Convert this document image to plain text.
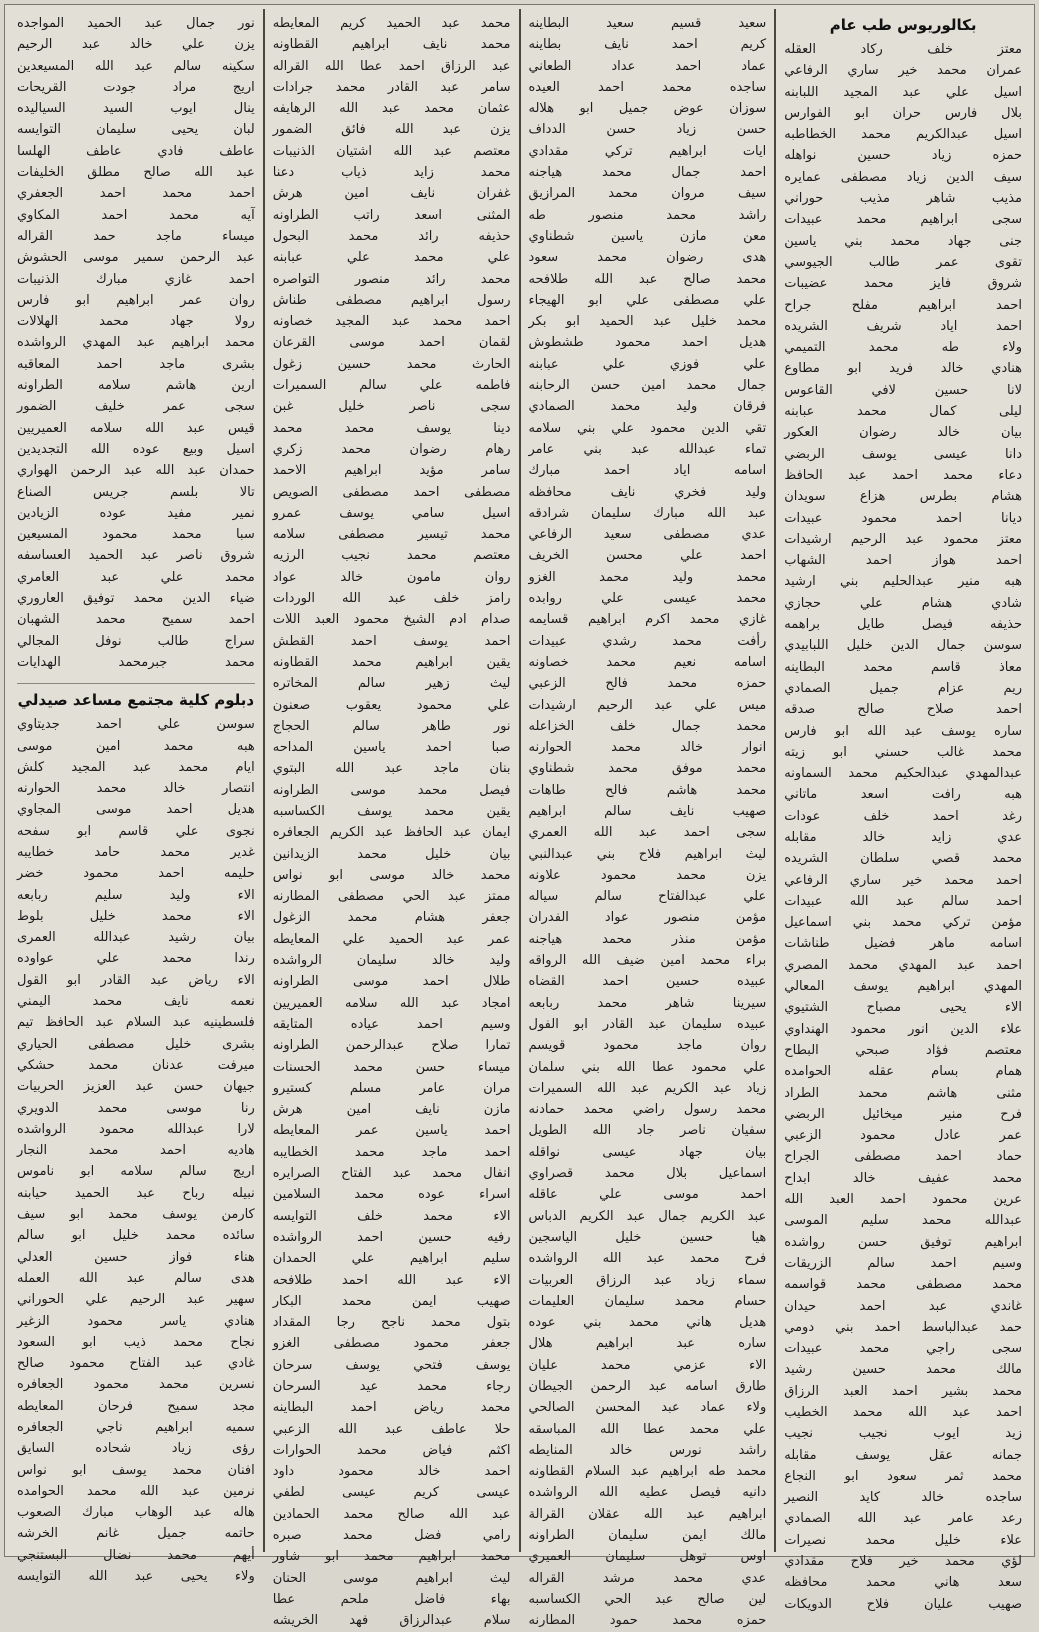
بكالوريوس طب عام
معتز خلف ركاد العقله
عمران محمد خير ساري الرفاعي
اسيل علي عبد المجيد اللبابنه
بلال فارس حران ابو الفوارس
اسيل عبدالكريم محمد الخطاطبه
حمزه زياد حسين نواهله
سيف الدين زياد مصطفى عمايره
مذيب شاهر مذيب حوراني
سجى ابراهيم محمد عبيدات
جنى جهاد محمد بني ياسين
تقوى عمر طالب الجيوسي
شروق فايز محمد عضيبات
احمد ابراهيم مفلح جراح
احمد اياد شريف الشريده
ولاء طه محمد التميمي
هنادي خالد فريد ابو مطاوع
لانا حسين لافي القاعوس
ليلى كمال محمد عبابنه
بيان خالد رضوان العكور
دانا عيسى يوسف الربضي
دعاء محمد احمد عبد الحافظ
هشام بطرس هزاع سويدان
ديانا احمد محمود عبيدات
معتز محمود عبد الرحيم ارشيدات
احمد هواز احمد الشهاب
هبه منير عبدالحليم بني ارشيد
شادي هشام علي حجازي
حذيفه فيصل طايل براهمه
سوسن جمال الدين خليل اللبابيدي
معاذ قاسم محمد البطاينه
ريم عزام جميل الصمادي
احمد صلاح صالح صدقه
ساره يوسف عبد الله ابو فارس
محمد غالب حسني ابو زيته
عبدالمهدي عبدالحكيم محمد السماونه
هبه رافت اسعد ماتاني
رغد احمد خلف عودات
عدي زايد خالد مقابله
محمد قصي سلطان الشريده
احمد محمد خير ساري الرفاعي
احمد سالم عبد الله عبيدات
مؤمن تركي محمد بني اسماعيل
اسامه ماهر فضيل طناشات
احمد عبد المهدي محمد المصري
المهدي ابراهيم يوسف المعالي
الاء يحيى مصباح الشتيوي
علاء الدين انور محمود الهنداوي
معتصم فؤاد صبحي البطاح
همام بسام عقله الحوامده
مثنى هاشم محمد الطراد
فرح منير ميخائيل الربضي
عمر عادل محمود الزعبي
حماد احمد مصطفى الجراح
محمد عفيف خالد ابداح
عرين محمود احمد العبد الله
عبدالله محمد سليم الموسى
ابراهيم توفيق حسن رواشده
وسيم احمد سالم الزريقات
محمد مصطفى محمد قواسمه
غاندي عبد احمد حيدان
حمد عبدالباسط احمد بني دومي
سجى راجي محمد عبيدات
مالك محمد حسين رشيد
محمد بشير احمد العبد الرزاق
احمد عبد الله محمد الخطيب
زيد ايوب نجيب نجيب
جمانه عقل يوسف مقابله
محمد ثمر سعود ابو النجاع
ساجده خالد كايد النصير
رعد عامر عبد الله الصمادي
علاء خليل محمد نصيرات
لؤي محمد خير فلاح مقدادي
سعد هاني محمد محافظه
صهيب عليان فلاح الدويكات
سعيد قسيم سعيد البطاينه
كريم احمد نايف بطاينه
عماد احمد عداد الطعاني
ساجده محمد احمد العيده
سوزان عوض جميل ابو هلاله
حسن زياد حسن الدداف
ايات ابراهيم تركي مقدادي
احمد جمال محمد هياجنه
سيف مروان محمد المرازيق
راشد محمد منصور طه
معن مازن ياسين شطناوي
هدى رضوان محمد سعود
محمد صالح عبد الله طلافحه
علي مصطفى علي ابو الهيجاء
محمد خليل عبد الحميد ابو بكر
هديل احمد محمود طشطوش
علي فوزي علي عبابنه
جمال محمد امين حسن الرحابنه
فرقان وليد محمد الصمادي
تقي الدين محمود علي بني سلامه
تماء عبدالله عبد بني عامر
اسامه اياد احمد مبارك
وليد فخري نايف محافظه
عبد الله مبارك سليمان شرادقه
عدي مصطفى سعيد الرفاعي
احمد علي محسن الخريف
محمد وليد محمد الغزو
محمد عيسى علي روابده
غازي محمد اكرم ابراهيم قسايمه
رأفت محمد رشدي عبيدات
اسامه نعيم محمد خصاونه
حمزه محمد فالح الزعبي
ميس علي عبد الرحيم ارشيدات
محمد جمال خلف الخزاعله
انوار خالد محمد الحوارنه
محمد موفق محمد شطناوي
محمد هاشم فالح طاهات
صهيب نايف سالم ابراهيم
سجى احمد عبد الله العمري
ليث ابراهيم فلاح بني عبدالنبي
يزن محمد محمود علاونه
علي عبدالفتاح سالم سياله
مؤمن منصور عواد الفدران
مؤمن منذر محمد هياجنه
براء محمد امين ضيف الله الرواقه
عبيده حسين احمد القضاه
سيرينا شاهر محمد ربابعه
عبيده سليمان عبد القادر ابو الفول
روان ماجد محمود قويسم
علي محمود عطا الله بني سلمان
زياد عبد الكريم عبد الله السميرات
محمد رسول راضي محمد حمادنه
سفيان ناصر جاد الله الطويل
بيان جهاد عيسى نواقله
اسماعيل بلال محمد قصراوي
احمد موسى علي عاقله
عبد الكريم جمال عبد الكريم الدباس
هيا حسين خليل الياسجين
فرح محمد عبد الله الرواشده
سماء زياد عبد الرزاق العربيات
حسام محمد سليمان العليمات
هديل هاني محمد بني عوده
ساره عبد ابراهيم هلال
الاء عزمي محمد عليان
طارق اسامه عبد الرحمن الجيطان
ولاء عماد عبد المحسن الصالحي
علي محمد عطا الله المباسقه
راشد نورس خالد المنايطه
محمد طه ابراهيم عبد السلام القطاونه
دانيه فيصل عطيه الله الرواشده
ابراهيم عبد الله عقلان القرالة
مالك ايمن سليمان الطراونه
اوس توهل سليمان العميري
عدي محمد مرشد القراله
لين صالح عبد الحي الكساسبه
حمزه محمد حمود المطارنه
محمد عبد الحميد كريم المعايطه
محمد نايف ابراهيم القطاونه
عبد الرزاق احمد عطا الله القراله
سامر عبد القادر محمد جرادات
عثمان محمد عبد الله الرهايفه
يزن عبد الله فائق الضمور
معتصم عبد الله اشتيان الذنيبات
محمد زايد ذياب دعنا
غفران نايف امين هرش
المثنى اسعد راتب الطراونه
حذيفه رائد محمد البحول
علي محمد علي عبابنه
محمد رائد منصور التواصره
رسول ابراهيم مصطفى طناش
احمد محمد عبد المجيد خصاونه
لقمان احمد موسى القرعان
الحارث محمد حسين زغول
فاطمه علي سالم السميرات
سجى ناصر خليل غبن
دينا يوسف محمد محمد
رهام رضوان محمد زكري
سامر مؤيد ابراهيم الاحمد
مصطفى احمد مصطفى الصويص
اسيل سامي يوسف عمرو
محمد تيسير مصطفى سلامه
معتصم محمد نجيب الرزيه
روان مامون خالد عواد
رامز خلف عبد الله الوردات
صدام ادم الشيخ محمود العبد اللات
احمد يوسف احمد القطش
يقين ابراهيم محمد القطاونه
ليث زهير سالم المخاتره
علي محمود يعقوب صعنون
نور طاهر سالم الحجاج
صبا احمد ياسين المداحه
بنان ماجد عبد الله البتوي
فيصل محمد موسى الطراونه
يقين محمد يوسف الكساسبه
ايمان عبد الحافظ عبد الكريم الجعافره
بيان خليل محمد الزيدانين
محمد خالد موسى ابو نواس
ممتز عبد الحي مصطفى المطارنه
جعفر هشام محمد الزغول
عمر عبد الحميد علي المعايطه
وليد خالد سليمان الرواشده
طلال احمد موسى الطراونه
امجاد عبد الله سلامه العميريين
وسيم احمد عياده المتايقه
تمارا صلاح عبدالرحمن الطراونه
ميساء حسن محمد الحسنات
مران عامر مسلم كستيرو
مازن نايف امين هرش
احمد ياسين عمر المعايطه
احمد ماجد محمد الخطايبه
انفال محمد عبد الفتاح الصرايره
اسراء عوده محمد السلامين
الاء محمد خلف التوايسه
رفيه حسين احمد الرواشده
سليم ابراهيم علي الحمدان
الاء عبد الله احمد طلافحه
صهيب ايمن محمد البكار
بتول محمد ناجح رجا المقداد
جعفر محمود مصطفى الغزو
يوسف فتحي يوسف سرحان
رجاء محمد عيد السرحان
محمد رياض احمد البطاينه
حلا عاطف عبد الله الزعبي
اكثم فياض محمد الحوارات
احمد خالد محمود داود
عيسى كريم عيسى لطفي
عبد الله صالح محمد الحمادين
رامي فضل محمد صبره
محمد ابراهيم محمد ابو شاور
ليث ابراهيم موسى الحنان
بهاء فاضل ملحم عطا
سلام عبدالرزاق فهد الخريشه
نور جمال عبد الحميد المواجده
يزن علي خالد عبد الرحيم
سكينه سالم عبد الله المسيعدين
اريج مراد جودت القريحات
ينال ايوب السيد السياليده
لبان يحيى سليمان التوايسه
عاطف فادي عاطف الهلسا
عبد الله صالح مطلق الخليفات
احمد محمد احمد الجعفري
آيه محمد احمد المكاوي
ميساء ماجد حمد القراله
عبد الرحمن سمير موسى الحشوش
احمد غازي مبارك الذنيبات
روان عمر ابراهيم ابو فارس
رولا جهاد محمد الهلالات
محمد ابراهيم عبد المهدي الرواشده
بشرى ماجد احمد المعاقبه
ارين هاشم سلامه الطراونه
سجى عمر خليف الضمور
قيس عبد الله سلامه العميريين
اسيل وبيع عوده الله التجديدين
حمدان عبد الله عبد الرحمن الهواري
تالا بلسم جريس الصناع
نمير مفيد عوده الزيادين
سبا محمد محمود المسيعين
شروق ناصر عبد الحميد العساسفه
محمد علي عبد العامري
ضياء الدين محمد توفيق العاروري
احمد سميح محمد الشهبان
سراج طالب نوفل المجالي
محمد جبرمحمد الهدايات
دبلوم كلية مجتمع مساعد صيدلي
سوسن علي احمد جديتاوي
هبه محمد امين موسى
ايام محمد عبد المجيد كلش
انتصار خالد محمد الحوارنه
هديل احمد موسى المجاوي
نجوى علي قاسم ابو سفحه
غدير محمد حامد خطايبه
حليمه احمد محمود خضر
الاء وليد سليم ربابعه
الاء محمد خليل بلوط
بيان رشيد عبدالله العمرى
رندا محمد علي عواوده
الاء رياض عبد القادر ابو القول
نعمه نايف محمد اليمني
فلسطينيه عبد السلام عبد الحافظ تيم
بشرى خليل مصطفى الحياري
ميرفت عدنان محمد حشكي
جيهان حسن عبد العزيز الحربيات
رنا موسى محمد الدويري
لارا عبدالله محمود الرواشده
هاديه احمد محمد النجار
اريج سالم سلامه ابو ناموس
نبيله رباح عبد الحميد حيابنه
كارمن يوسف محمد ابو سيف
سائده محمد خليل ابو سالم
هناء فواز حسين العدلي
هدى سالم عبد الله العمله
سهير عبد الرحيم علي الحوراني
هنادي ياسر محمود الزغير
نجاح محمد ذيب ابو السعود
غادي عبد الفتاح محمود صالح
نسرين محمد محمود الجعافره
مجد سميح فرحان المعايطه
سميه ابراهيم ناجي الجعافره
رؤى زياد شحاده السايق
افنان محمد يوسف ابو نواس
نرمين عبد الله محمد الحوامده
هاله عبد الوهاب مبارك الصعوب
حاتمه جميل غانم الخرشه
أيهم محمد نضال البستنجي
ولاء يحيى عبد الله التوايسه
